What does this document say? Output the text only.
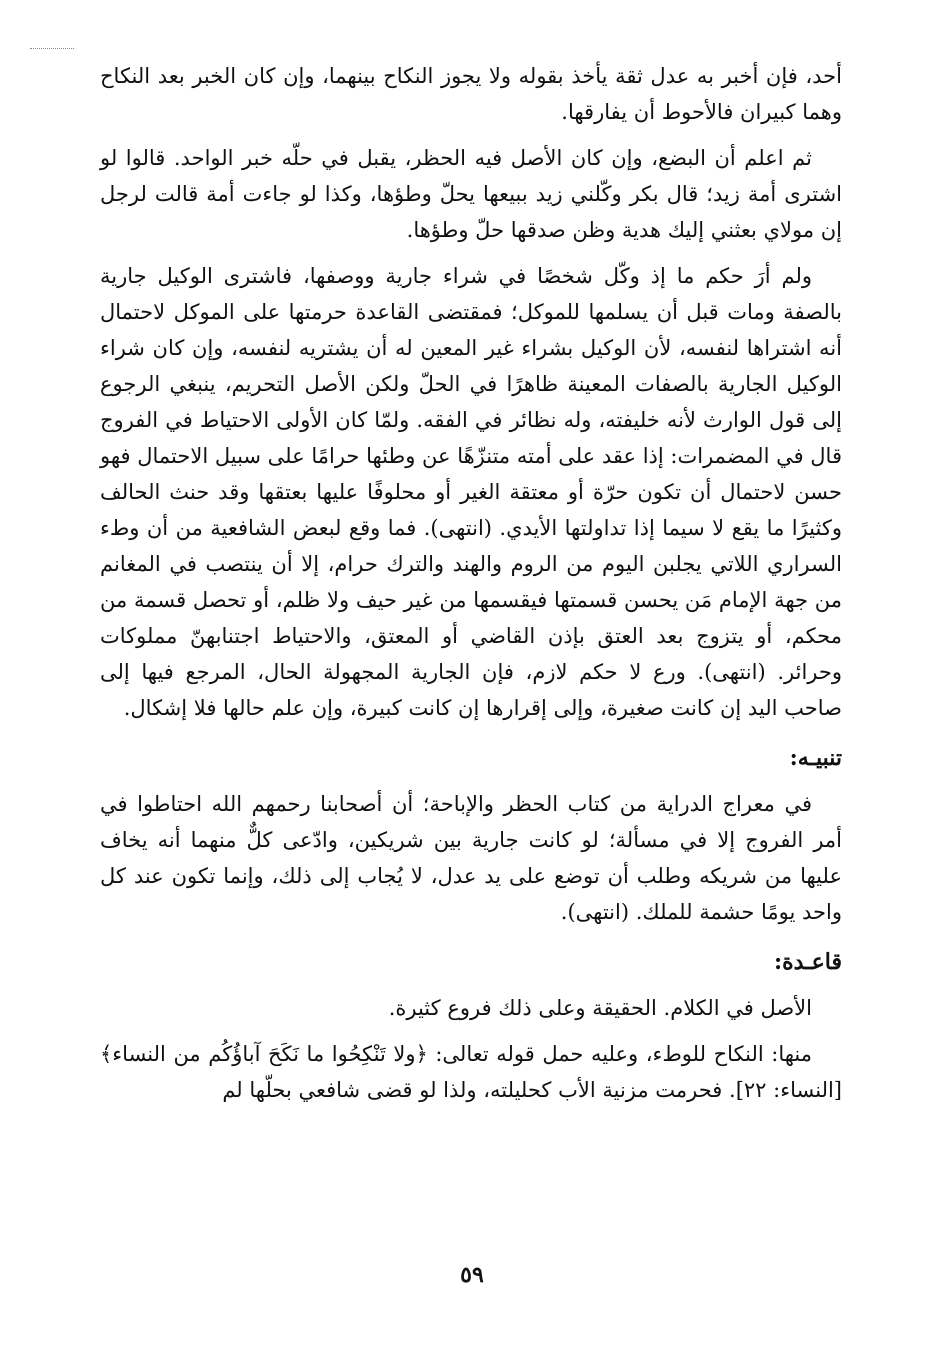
أحد، فإن أخبر به عدل ثقة يأخذ بقوله ولا يجوز النكاح بينهما، وإن كان الخبر بعد النكاح وهما كبيران فالأحوط أن يفارقها.

ثم اعلم أن البضع، وإن كان الأصل فيه الحظر، يقبل في حلّه خبر الواحد. قالوا لو اشترى أمة زيد؛ قال بكر وكّلني زيد ببيعها يحلّ وطؤها، وكذا لو جاءت أمة قالت لرجل إن مولاي بعثني إليك هدية وظن صدقها حلّ وطؤها.

ولم أرَ حكم ما إذ وكّل شخصًا في شراء جارية ووصفها، فاشترى الوكيل جارية بالصفة ومات قبل أن يسلمها للموكل؛ فمقتضى القاعدة حرمتها على الموكل لاحتمال أنه اشتراها لنفسه، لأن الوكيل بشراء غير المعين له أن يشتريه لنفسه، وإن كان شراء الوكيل الجارية بالصفات المعينة ظاهرًا في الحلّ ولكن الأصل التحريم، ينبغي الرجوع إلى قول الوارث لأنه خليفته، وله نظائر في الفقه. ولمّا كان الأولى الاحتياط في الفروج قال في المضمرات: إذا عقد على أمته متنزّهًا عن وطئها حرامًا على سبيل الاحتمال فهو حسن لاحتمال أن تكون حرّة أو معتقة الغير أو محلوفًا عليها بعتقها وقد حنث الحالف وكثيرًا ما يقع لا سيما إذا تداولتها الأيدي. (انتهى). فما وقع لبعض الشافعية من أن وطء السراري اللاتي يجلبن اليوم من الروم والهند والترك حرام، إلا أن ينتصب في المغانم من جهة الإمام مَن يحسن قسمتها فيقسمها من غير حيف ولا ظلم، أو تحصل قسمة من محكم، أو يتزوج بعد العتق بإذن القاضي أو المعتق، والاحتياط اجتنابهنّ مملوكات وحرائر. (انتهى). ورع لا حكم لازم، فإن الجارية المجهولة الحال، المرجع فيها إلى صاحب اليد إن كانت صغيرة، وإلى إقرارها إن كانت كبيرة، وإن علم حالها فلا إشكال.

تنبيـه:

في معراج الدراية من كتاب الحظر والإباحة؛ أن أصحابنا رحمهم الله احتاطوا في أمر الفروج إلا في مسألة؛ لو كانت جارية بين شريكين، وادّعى كلٌّ منهما أنه يخاف عليها من شريكه وطلب أن توضع على يد عدل، لا يُجاب إلى ذلك، وإنما تكون عند كل واحد يومًا حشمة للملك. (انتهى).

قاعـدة:

الأصل في الكلام. الحقيقة وعلى ذلك فروع كثيرة.

منها: النكاح للوطء، وعليه حمل قوله تعالى: ﴿ولا تَنْكِحُوا ما نَكَحَ آباؤُكُم من النساء﴾ [النساء: ٢٢]. فحرمت مزنية الأب كحليلته، ولذا لو قضى شافعي بحلّها لم

٥٩
